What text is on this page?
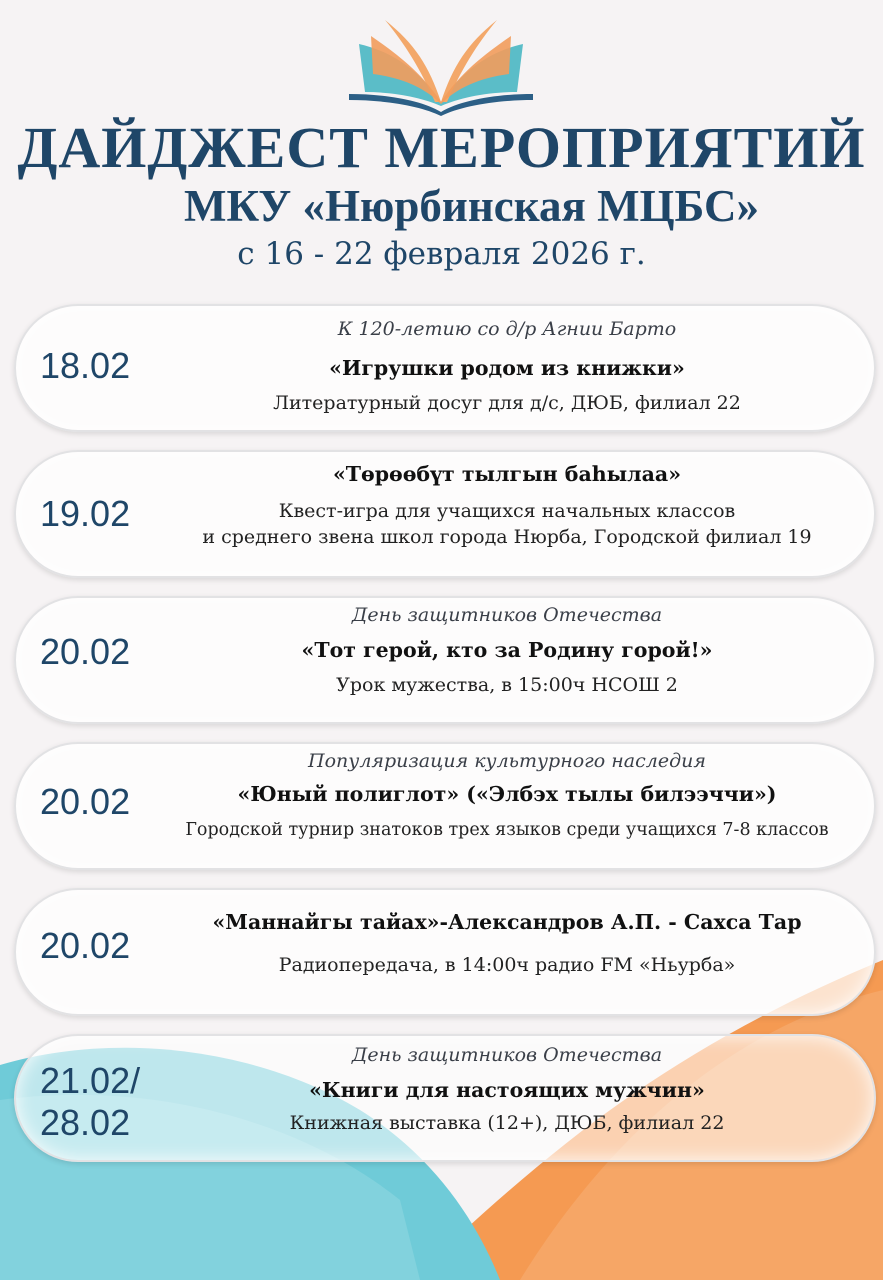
ДАЙДЖЕСТ МЕРОПРИЯТИЙ
МКУ «Нюрбинская МЦБС»

с 16 - 22 февраля 2026 г.

18.02
К 120-летию со д/р Агнии Барто
«Игрушки родом из книжки»
Литературный досуг для д/с, ДЮБ, филиал 22
19.02
«Төрөөбүт тылгын баһылаа»
Квест-игра для учащихся начальных классов
и среднего звена школ города Нюрба, Городской филиал 19
20.02
День защитников Отечества
«Тот герой, кто за Родину горой!»
Урок мужества, в 15:00ч НСОШ 2
20.02
Популяризация культурного наследия
«Юный полиглот» («Элбэх тылы билээччи»)
Городской турнир знатоков трех языков среди учащихся 7-8 классов
20.02
«Маннайгы тайах»-Александров А.П. - Сахса Тар
Радиопередача, в 14:00ч радио FM «Ньурба»
21.02/
28.02
День защитников Отечества
«Книги для настоящих мужчин»
Книжная выставка (12+), ДЮБ, филиал 22
